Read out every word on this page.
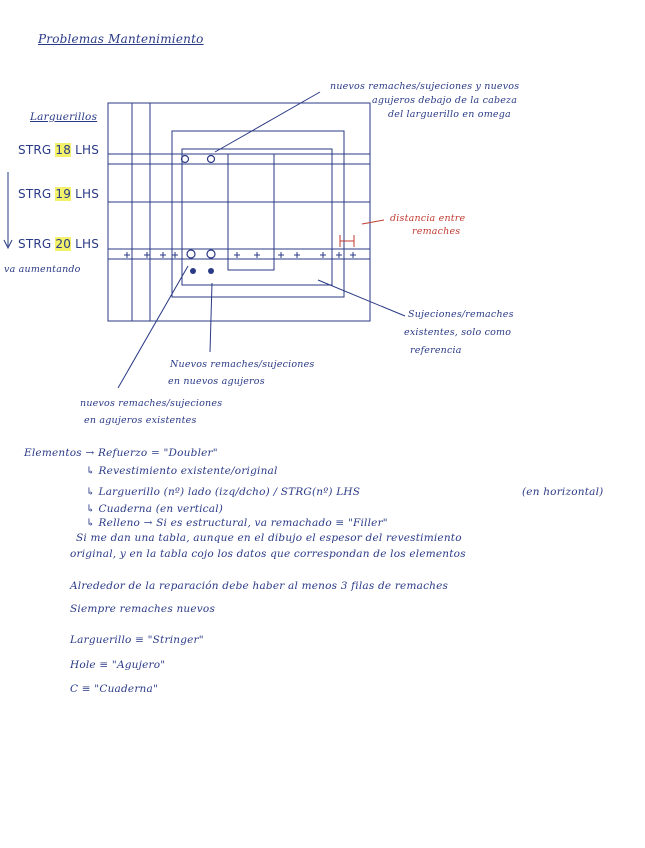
Problemas Mantenimiento
Larguerillos
STRG 18 LHS
STRG 19 LHS
STRG 20 LHS
va aumentando
nuevos remaches/sujeciones y nuevos
agujeros debajo de la cabeza
del larguerillo en omega
distancia entre
remaches
Sujeciones/remaches
existentes, solo como
referencia
Nuevos remaches/sujeciones
en nuevos agujeros
nuevos remaches/sujeciones
en agujeros existentes
Elementos → Refuerzo = "Doubler"
↳ Revestimiento existente/original
↳ Larguerillo (nº) lado (izq/dcho) / STRG(nº) LHS	(en horizontal)
↳ Cuaderna (en vertical)
↳ Relleno → Si es estructural, va remachado ≡ "Filler"
Si me dan una tabla, aunque en el dibujo el espesor del revestimiento
original, y en la tabla cojo los datos que correspondan de los elementos
Alrededor de la reparación debe haber al menos 3 filas de remaches
Siempre remaches nuevos
Larguerillo ≡ "Stringer"
Hole ≡ "Agujero"
C ≡ "Cuaderna"
